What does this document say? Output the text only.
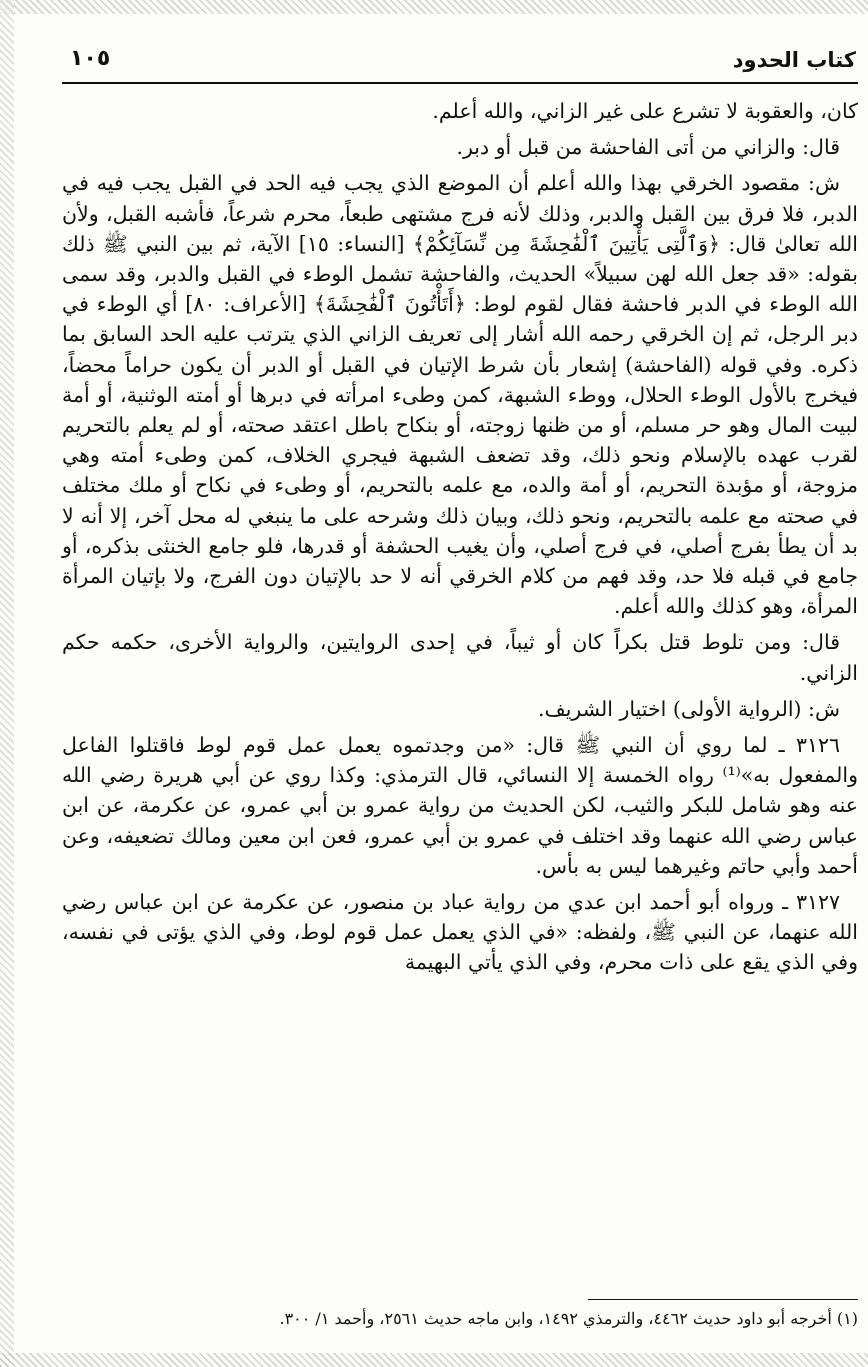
كتاب الحدود
١٠٥

كان، والعقوبة لا تشرع على غير الزاني، والله أعلم.

قال: والزاني من أتى الفاحشة من قبل أو دبر.

ش: مقصود الخرقي بهذا والله أعلم أن الموضع الذي يجب فيه الحد في القبل يجب فيه في الدبر، فلا فرق بين القبل والدبر، وذلك لأنه فرج مشتهى طبعاً، محرم شرعاً، فأشبه القبل، ولأن الله تعالىٰ قال: ﴿وَٱلَّتِى يَأْتِينَ ٱلْفَٰحِشَةَ مِن نِّسَآئِكُمْ﴾ [النساء: ١٥] الآية، ثم بين النبي ﷺ ذلك بقوله: «قد جعل الله لهن سبيلاً» الحديث، والفاحشة تشمل الوطء في القبل والدبر، وقد سمى الله الوطء في الدبر فاحشة فقال لقوم لوط: ﴿أَتَأْتُونَ ٱلْفَٰحِشَةَ﴾ [الأعراف: ٨٠] أي الوطء في دبر الرجل، ثم إن الخرقي رحمه الله أشار إلى تعريف الزاني الذي يترتب عليه الحد السابق بما ذكره. وفي قوله (الفاحشة) إشعار بأن شرط الإتيان في القبل أو الدبر أن يكون حراماً محضاً، فيخرج بالأول الوطء الحلال، ووطء الشبهة، كمن وطىء امرأته في دبرها أو أمته الوثنية، أو أمة لبيت المال وهو حر مسلم، أو من ظنها زوجته، أو بنكاح باطل اعتقد صحته، أو لم يعلم بالتحريم لقرب عهده بالإسلام ونحو ذلك، وقد تضعف الشبهة فيجري الخلاف، كمن وطىء أمته وهي مزوجة، أو مؤبدة التحريم، أو أمة والده، مع علمه بالتحريم، أو وطىء في نكاح أو ملك مختلف في صحته مع علمه بالتحريم، ونحو ذلك، وبيان ذلك وشرحه على ما ينبغي له محل آخر، إلا أنه لا بد أن يطأ بفرج أصلي، في فرج أصلي، وأن يغيب الحشفة أو قدرها، فلو جامع الخنثى بذكره، أو جامع في قبله فلا حد، وقد فهم من كلام الخرقي أنه لا حد بالإتيان دون الفرج، ولا بإتيان المرأة المرأة، وهو كذلك والله أعلم.

قال: ومن تلوط قتل بكراً كان أو ثيباً، في إحدى الروايتين، والرواية الأخرى، حكمه حكم الزاني.

ش: (الرواية الأولى) اختيار الشريف.

٣١٢٦ ـ لما روي أن النبي ﷺ قال: «من وجدتموه يعمل عمل قوم لوط فاقتلوا الفاعل والمفعول به»⁽¹⁾ رواه الخمسة إلا النسائي، قال الترمذي: وكذا روي عن أبي هريرة رضي الله عنه وهو شامل للبكر والثيب، لكن الحديث من رواية عمرو بن أبي عمرو، عن عكرمة، عن ابن عباس رضي الله عنهما وقد اختلف في عمرو بن أبي عمرو، فعن ابن معين ومالك تضعيفه، وعن أحمد وأبي حاتم وغيرهما ليس به بأس.

٣١٢٧ ـ ورواه أبو أحمد ابن عدي من رواية عباد بن منصور، عن عكرمة عن ابن عباس رضي الله عنهما، عن النبي ﷺ، ولفظه: «في الذي يعمل عمل قوم لوط، وفي الذي يؤتى في نفسه، وفي الذي يقع على ذات محرم، وفي الذي يأتي البهيمة

(١) أخرجه أبو داود حديث ٤٤٦٢، والترمذي ١٤٩٢، وابن ماجه حديث ٢٥٦١، وأحمد ١/ ٣٠٠.
